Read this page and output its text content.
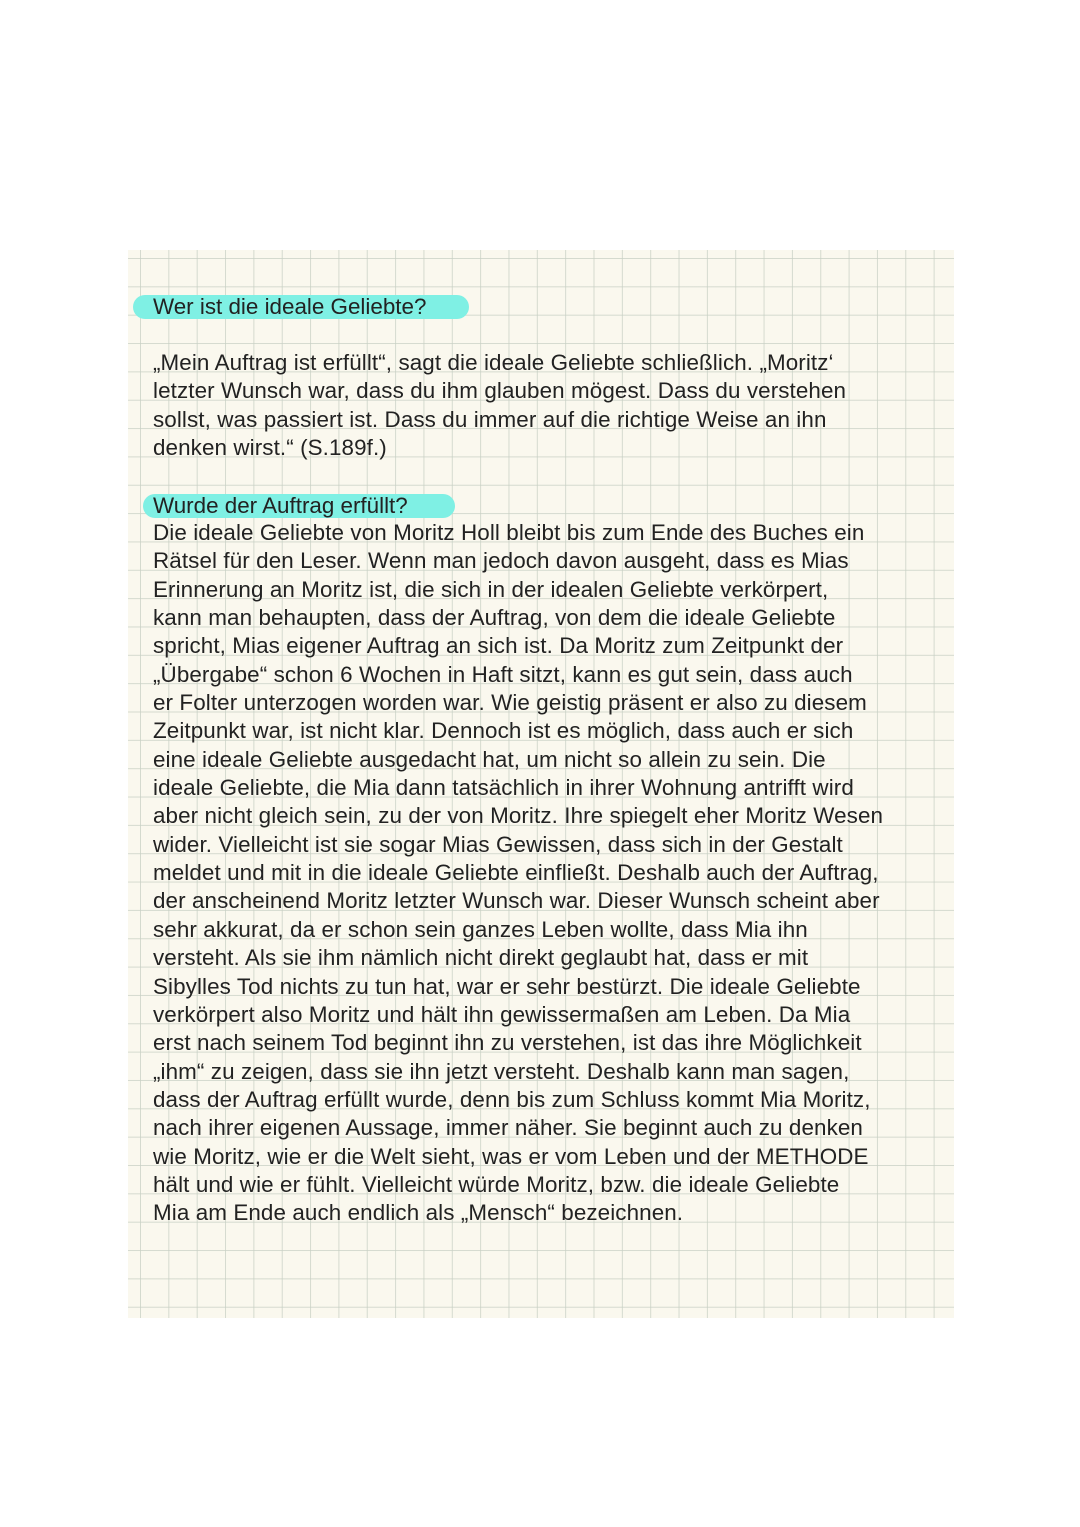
Wer ist die ideale Geliebte?
„Mein Auftrag ist erfüllt“, sagt die ideale Geliebte schließlich. „Moritz‘
letzter Wunsch war, dass du ihm glauben mögest. Dass du verstehen
sollst, was passiert ist. Dass du immer auf die richtige Weise an ihn
denken wirst.“ (S.189f.)
Wurde der Auftrag erfüllt?
Die ideale Geliebte von Moritz Holl bleibt bis zum Ende des Buches ein
Rätsel für den Leser. Wenn man jedoch davon ausgeht, dass es Mias
Erinnerung an Moritz ist, die sich in der idealen Geliebte verkörpert,
kann man behaupten, dass der Auftrag, von dem die ideale Geliebte
spricht, Mias eigener Auftrag an sich ist. Da Moritz zum Zeitpunkt der
„Übergabe“ schon 6 Wochen in Haft sitzt, kann es gut sein, dass auch
er Folter unterzogen worden war. Wie geistig präsent er also zu diesem
Zeitpunkt war, ist nicht klar. Dennoch ist es möglich, dass auch er sich
eine ideale Geliebte ausgedacht hat, um nicht so allein zu sein. Die
ideale Geliebte, die Mia dann tatsächlich in ihrer Wohnung antrifft wird
aber nicht gleich sein, zu der von Moritz. Ihre spiegelt eher Moritz Wesen
wider. Vielleicht ist sie sogar Mias Gewissen, dass sich in der Gestalt
meldet und mit in die ideale Geliebte einfließt. Deshalb auch der Auftrag,
der anscheinend Moritz letzter Wunsch war. Dieser Wunsch scheint aber
sehr akkurat, da er schon sein ganzes Leben wollte, dass Mia ihn
versteht. Als sie ihm nämlich nicht direkt geglaubt hat, dass er mit
Sibylles Tod nichts zu tun hat, war er sehr bestürzt. Die ideale Geliebte
verkörpert also Moritz und hält ihn gewissermaßen am Leben. Da Mia
erst nach seinem Tod beginnt ihn zu verstehen, ist das ihre Möglichkeit
„ihm“ zu zeigen, dass sie ihn jetzt versteht. Deshalb kann man sagen,
dass der Auftrag erfüllt wurde, denn bis zum Schluss kommt Mia Moritz,
nach ihrer eigenen Aussage, immer näher. Sie beginnt auch zu denken
wie Moritz, wie er die Welt sieht, was er vom Leben und der METHODE
hält und wie er fühlt. Vielleicht würde Moritz, bzw. die ideale Geliebte
Mia am Ende auch endlich als „Mensch“ bezeichnen.
